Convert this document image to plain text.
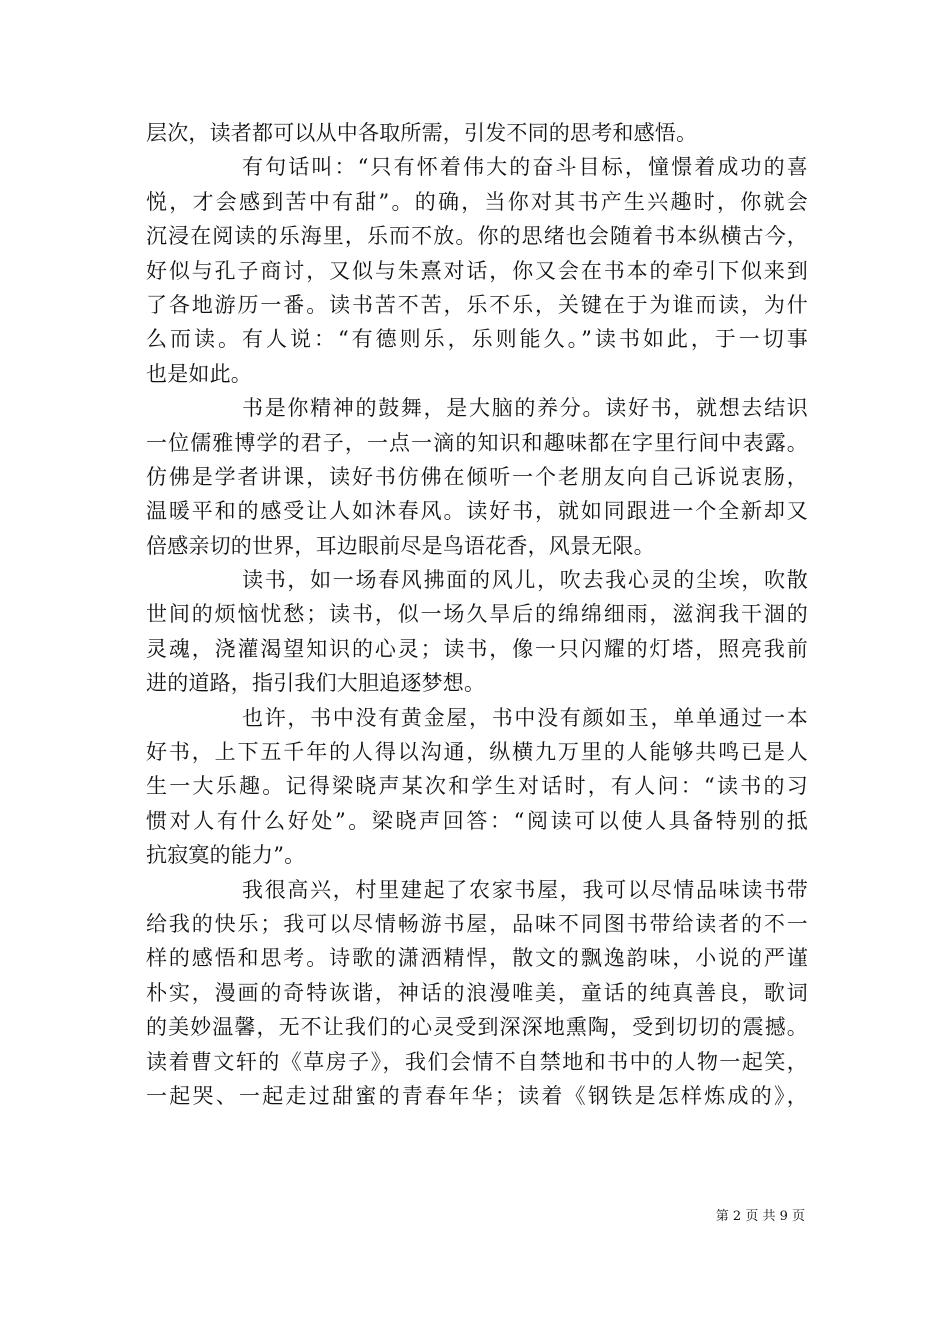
层次，读者都可以从中各取所需，引发不同的思考和感悟。
有句话叫：“只有怀着伟大的奋斗目标，憧憬着成功的喜
悦，才会感到苦中有甜”。的确，当你对其书产生兴趣时，你就会
沉浸在阅读的乐海里，乐而不放。你的思绪也会随着书本纵横古今，
好似与孔子商讨，又似与朱熹对话，你又会在书本的牵引下似来到
了各地游历一番。读书苦不苦，乐不乐，关键在于为谁而读，为什
么而读。有人说：“有德则乐，乐则能久。”读书如此，于一切事
也是如此。
书是你精神的鼓舞，是大脑的养分。读好书，就想去结识
一位儒雅博学的君子，一点一滴的知识和趣味都在字里行间中表露。
仿佛是学者讲课，读好书仿佛在倾听一个老朋友向自己诉说衷肠，
温暖平和的感受让人如沐春风。读好书，就如同跟进一个全新却又
倍感亲切的世界，耳边眼前尽是鸟语花香，风景无限。
读书，如一场春风拂面的风儿，吹去我心灵的尘埃，吹散
世间的烦恼忧愁；读书，似一场久旱后的绵绵细雨，滋润我干涸的
灵魂，浇灌渴望知识的心灵；读书，像一只闪耀的灯塔，照亮我前
进的道路，指引我们大胆追逐梦想。
也许，书中没有黄金屋，书中没有颜如玉，单单通过一本
好书，上下五千年的人得以沟通，纵横九万里的人能够共鸣已是人
生一大乐趣。记得梁晓声某次和学生对话时，有人问：“读书的习
惯对人有什么好处”。梁晓声回答：“阅读可以使人具备特别的抵
抗寂寞的能力”。
我很高兴，村里建起了农家书屋，我可以尽情品味读书带
给我的快乐；我可以尽情畅游书屋，品味不同图书带给读者的不一
样的感悟和思考。诗歌的潇洒精悍，散文的飘逸韵味，小说的严谨
朴实，漫画的奇特诙谐，神话的浪漫唯美，童话的纯真善良，歌词
的美妙温馨，无不让我们的心灵受到深深地熏陶，受到切切的震撼。
读着曹文轩的《草房子》，我们会情不自禁地和书中的人物一起笑，
一起哭、一起走过甜蜜的青春年华；读着《钢铁是怎样炼成的》，
第 2 页 共 9 页
